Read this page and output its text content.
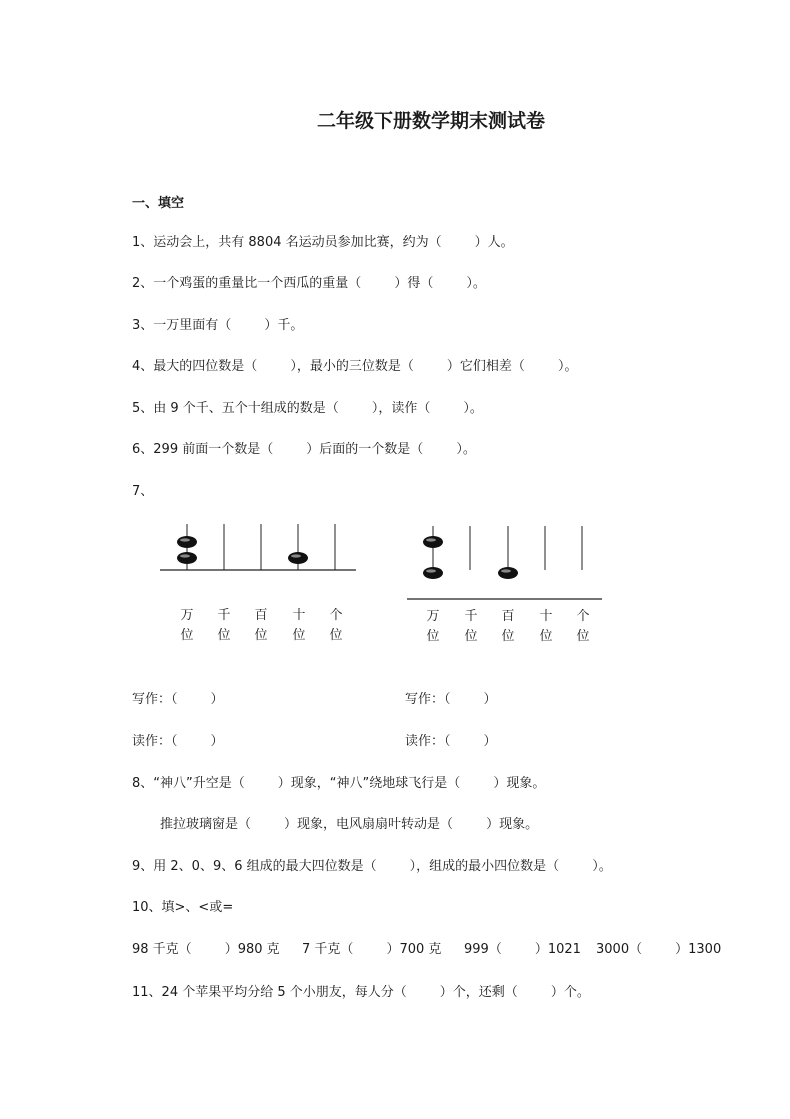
二年级下册数学期末测试卷
一、填空
1、运动会上，共有 8804 名运动员参加比赛，约为（        ）人。
2、一个鸡蛋的重量比一个西瓜的重量（        ）得（        ）。
3、一万里面有（        ）千。
4、最大的四位数是（        ），最小的三位数是（        ）它们相差（        ）。
5、由 9 个千、五个十组成的数是（        ），读作（        ）。
6、299 前面一个数是（        ）后面的一个数是（        ）。
7、
万
位
千
位
百
位
十
位
个
位
万
位
千
位
百
位
十
位
个
位
写作：（        ）	写作：（        ）
读作：（        ）	读作：（        ）
8、“神八”升空是（        ）现象，“神八”绕地球飞行是（        ）现象。
推拉玻璃窗是（        ）现象，电风扇扇叶转动是（        ）现象。
9、用 2、0、9、6 组成的最大四位数是（        ），组成的最小四位数是（        ）。
10、填>、<或=
98 千克（        ）980 克 7 千克（        ）700 克 999（        ）1021 3000（        ）1300
11、24 个苹果平均分给 5 个小朋友，每人分（        ）个，还剩（        ）个。
